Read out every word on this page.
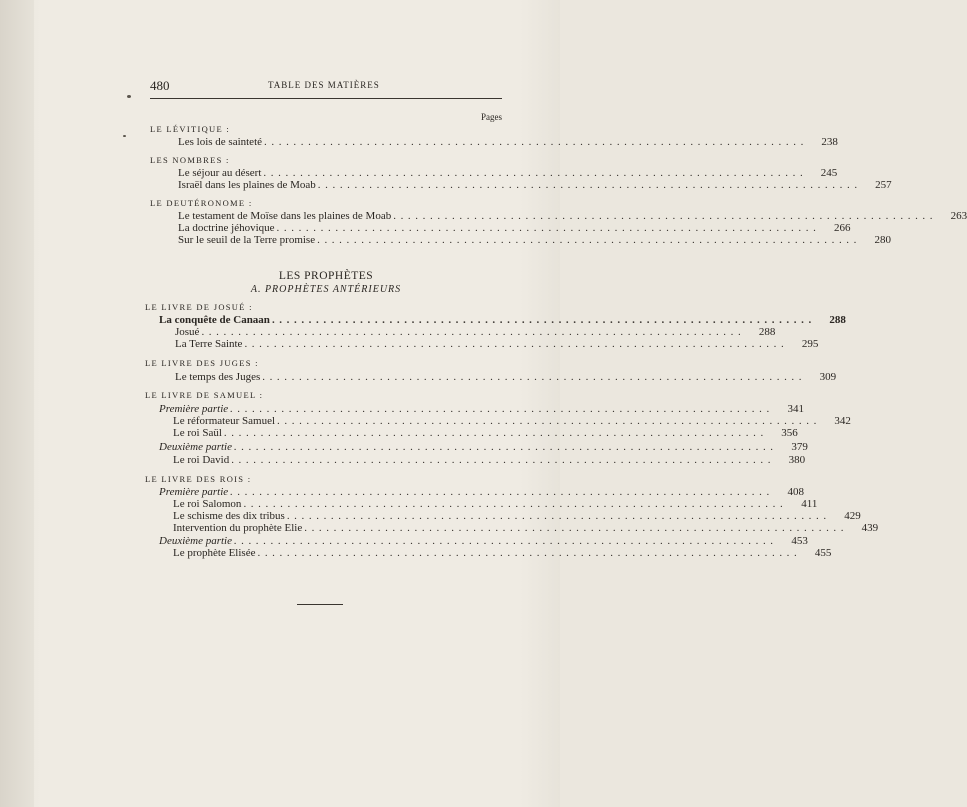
480	TABLE DES MATIÈRES
Pages
LE LÉVITIQUE :
Les lois de sainteté ..........................................................................	238
LES NOMBRES :
Le séjour au désert ..........................................................................	245
Israël dans les plaines de Moab ..........................................................................	257
LE DEUTÉRONOME :
Le testament de Moïse dans les plaines de Moab ..........................................................................	263
La doctrine jéhovique ..........................................................................	266
Sur le seuil de la Terre promise ..........................................................................	280
LES PROPHÈTES
A. PROPHÈTES ANTÉRIEURS
LE LIVRE DE JOSUÉ :
La conquête de Canaan ..........................................................................	288
Josué ..........................................................................	288
La Terre Sainte ..........................................................................	295
LE LIVRE DES JUGES :
Le temps des Juges ..........................................................................	309
LE LIVRE DE SAMUEL :
Première partie ..........................................................................	341
Le réformateur Samuel ..........................................................................	342
Le roi Saül ..........................................................................	356
Deuxième partie ..........................................................................	379
Le roi David ..........................................................................	380
LE LIVRE DES ROIS :
Première partie ..........................................................................	408
Le roi Salomon ..........................................................................	411
Le schisme des dix tribus ..........................................................................	429
Intervention du prophète Elie ..........................................................................	439
Deuxième partie ..........................................................................	453
Le prophète Elisée ..........................................................................	455
